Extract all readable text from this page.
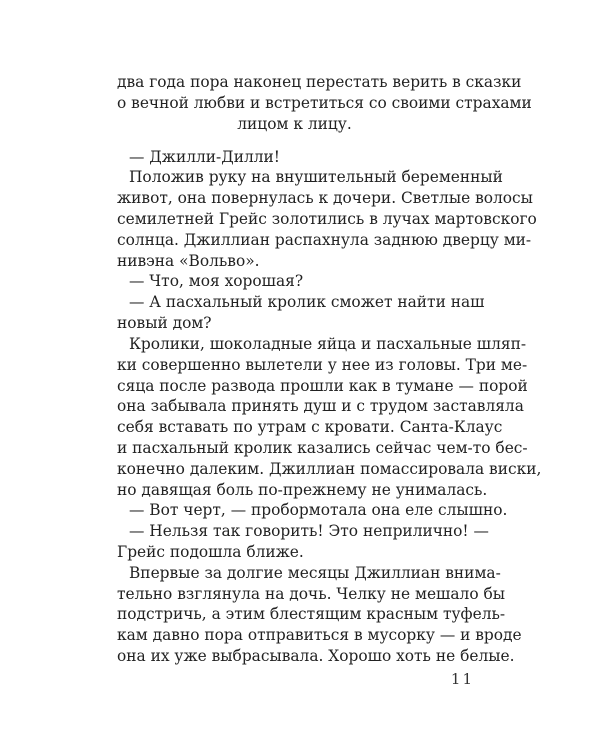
два года пора наконец перестать верить в сказки
о вечной любви и встретиться со своими страхами
лицом к лицу.
— Джилли-Дилли!
Положив руку на внушительный беременный
живот, она повернулась к дочери. Светлые волосы
семилетней Грейс золотились в лучах мартовского
солнца. Джиллиан распахнула заднюю дверцу ми-
нивэна «Вольво».
— Что, моя хорошая?
— А пасхальный кролик сможет найти наш
новый дом?
Кролики, шоколадные яйца и пасхальные шляп-
ки совершенно вылетели у нее из головы. Три ме-
сяца после развода прошли как в тумане — порой
она забывала принять душ и с трудом заставляла
себя вставать по утрам с кровати. Санта-Клаус
и пасхальный кролик казались сейчас чем-то бес-
конечно далеким. Джиллиан помассировала виски,
но давящая боль по-прежнему не унималась.
— Вот черт, — пробормотала она еле слышно.
— Нельзя так говорить! Это неприлично! —
Грейс подошла ближе.
Впервые за долгие месяцы Джиллиан внима-
тельно взглянула на дочь. Челку не мешало бы
подстричь, а этим блестящим красным туфель-
кам давно пора отправиться в мусорку — и вроде
она их уже выбрасывала. Хорошо хоть не белые.
11
